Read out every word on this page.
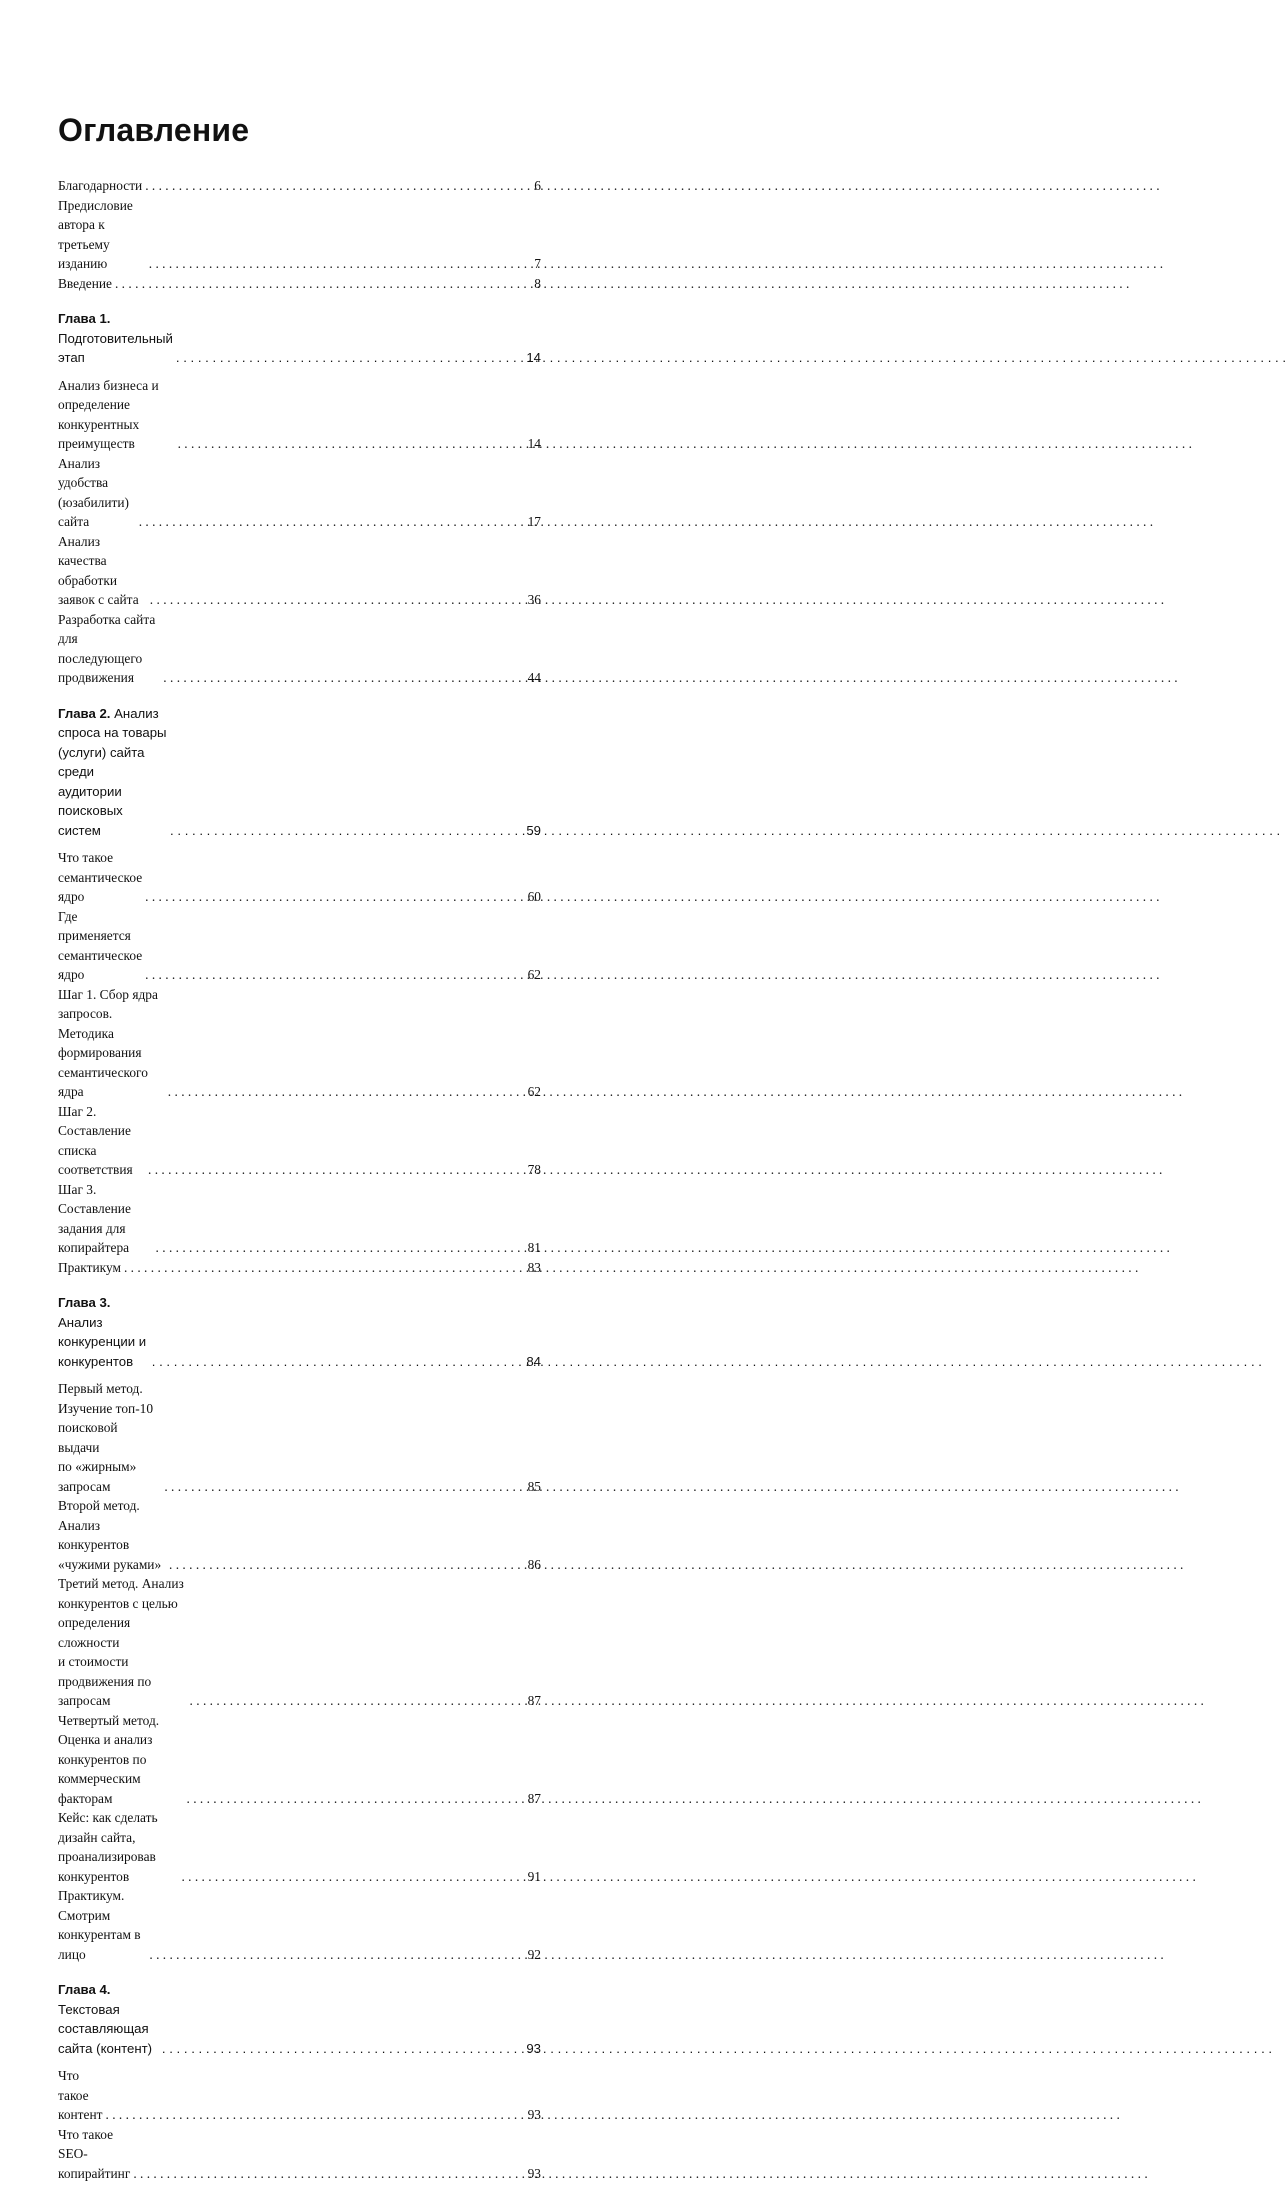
Оглавление
Благодарности . . .	6
Предисловие автора к третьему изданию . . .	7
Введение . . .	8
Глава 1. Подготовительный этап . . .	14
Анализ бизнеса и определение конкурентных преимуществ . . .	14
Анализ удобства (юзабилити) сайта . . .	17
Анализ качества обработки заявок с сайта . . .	36
Разработка сайта для последующего продвижения . . .	44
Глава 2. Анализ спроса на товары (услуги) сайта среди
аудитории поисковых систем . . .	59
Что такое семантическое ядро . . .	60
Где применяется семантическое ядро . . .	62
Шаг 1. Сбор ядра запросов. Методика формирования
семантического ядра . . .	62
Шаг 2. Составление списка соответствия . . .	78
Шаг 3. Составление задания для копирайтера . . .	81
Практикум . . .	83
Глава 3. Анализ конкуренции и конкурентов . . .	84
Первый метод. Изучение топ-10 поисковой выдачи
по «жирным» запросам . . .	85
Второй метод. Анализ конкурентов «чужими руками» . . .	86
Третий метод. Анализ конкурентов с целью определения сложности
и стоимости продвижения по запросам . . .	87
Четвертый метод. Оценка и анализ конкурентов по коммерческим
факторам . . .	87
Кейс: как сделать дизайн сайта, проанализировав конкурентов . . .	91
Практикум. Смотрим конкурентам в лицо . . .	92
Глава 4. Текстовая составляющая сайта (контент) . . .	93
Что такое контент . . .	93
Что такое SEO-копирайтинг . . .	93
